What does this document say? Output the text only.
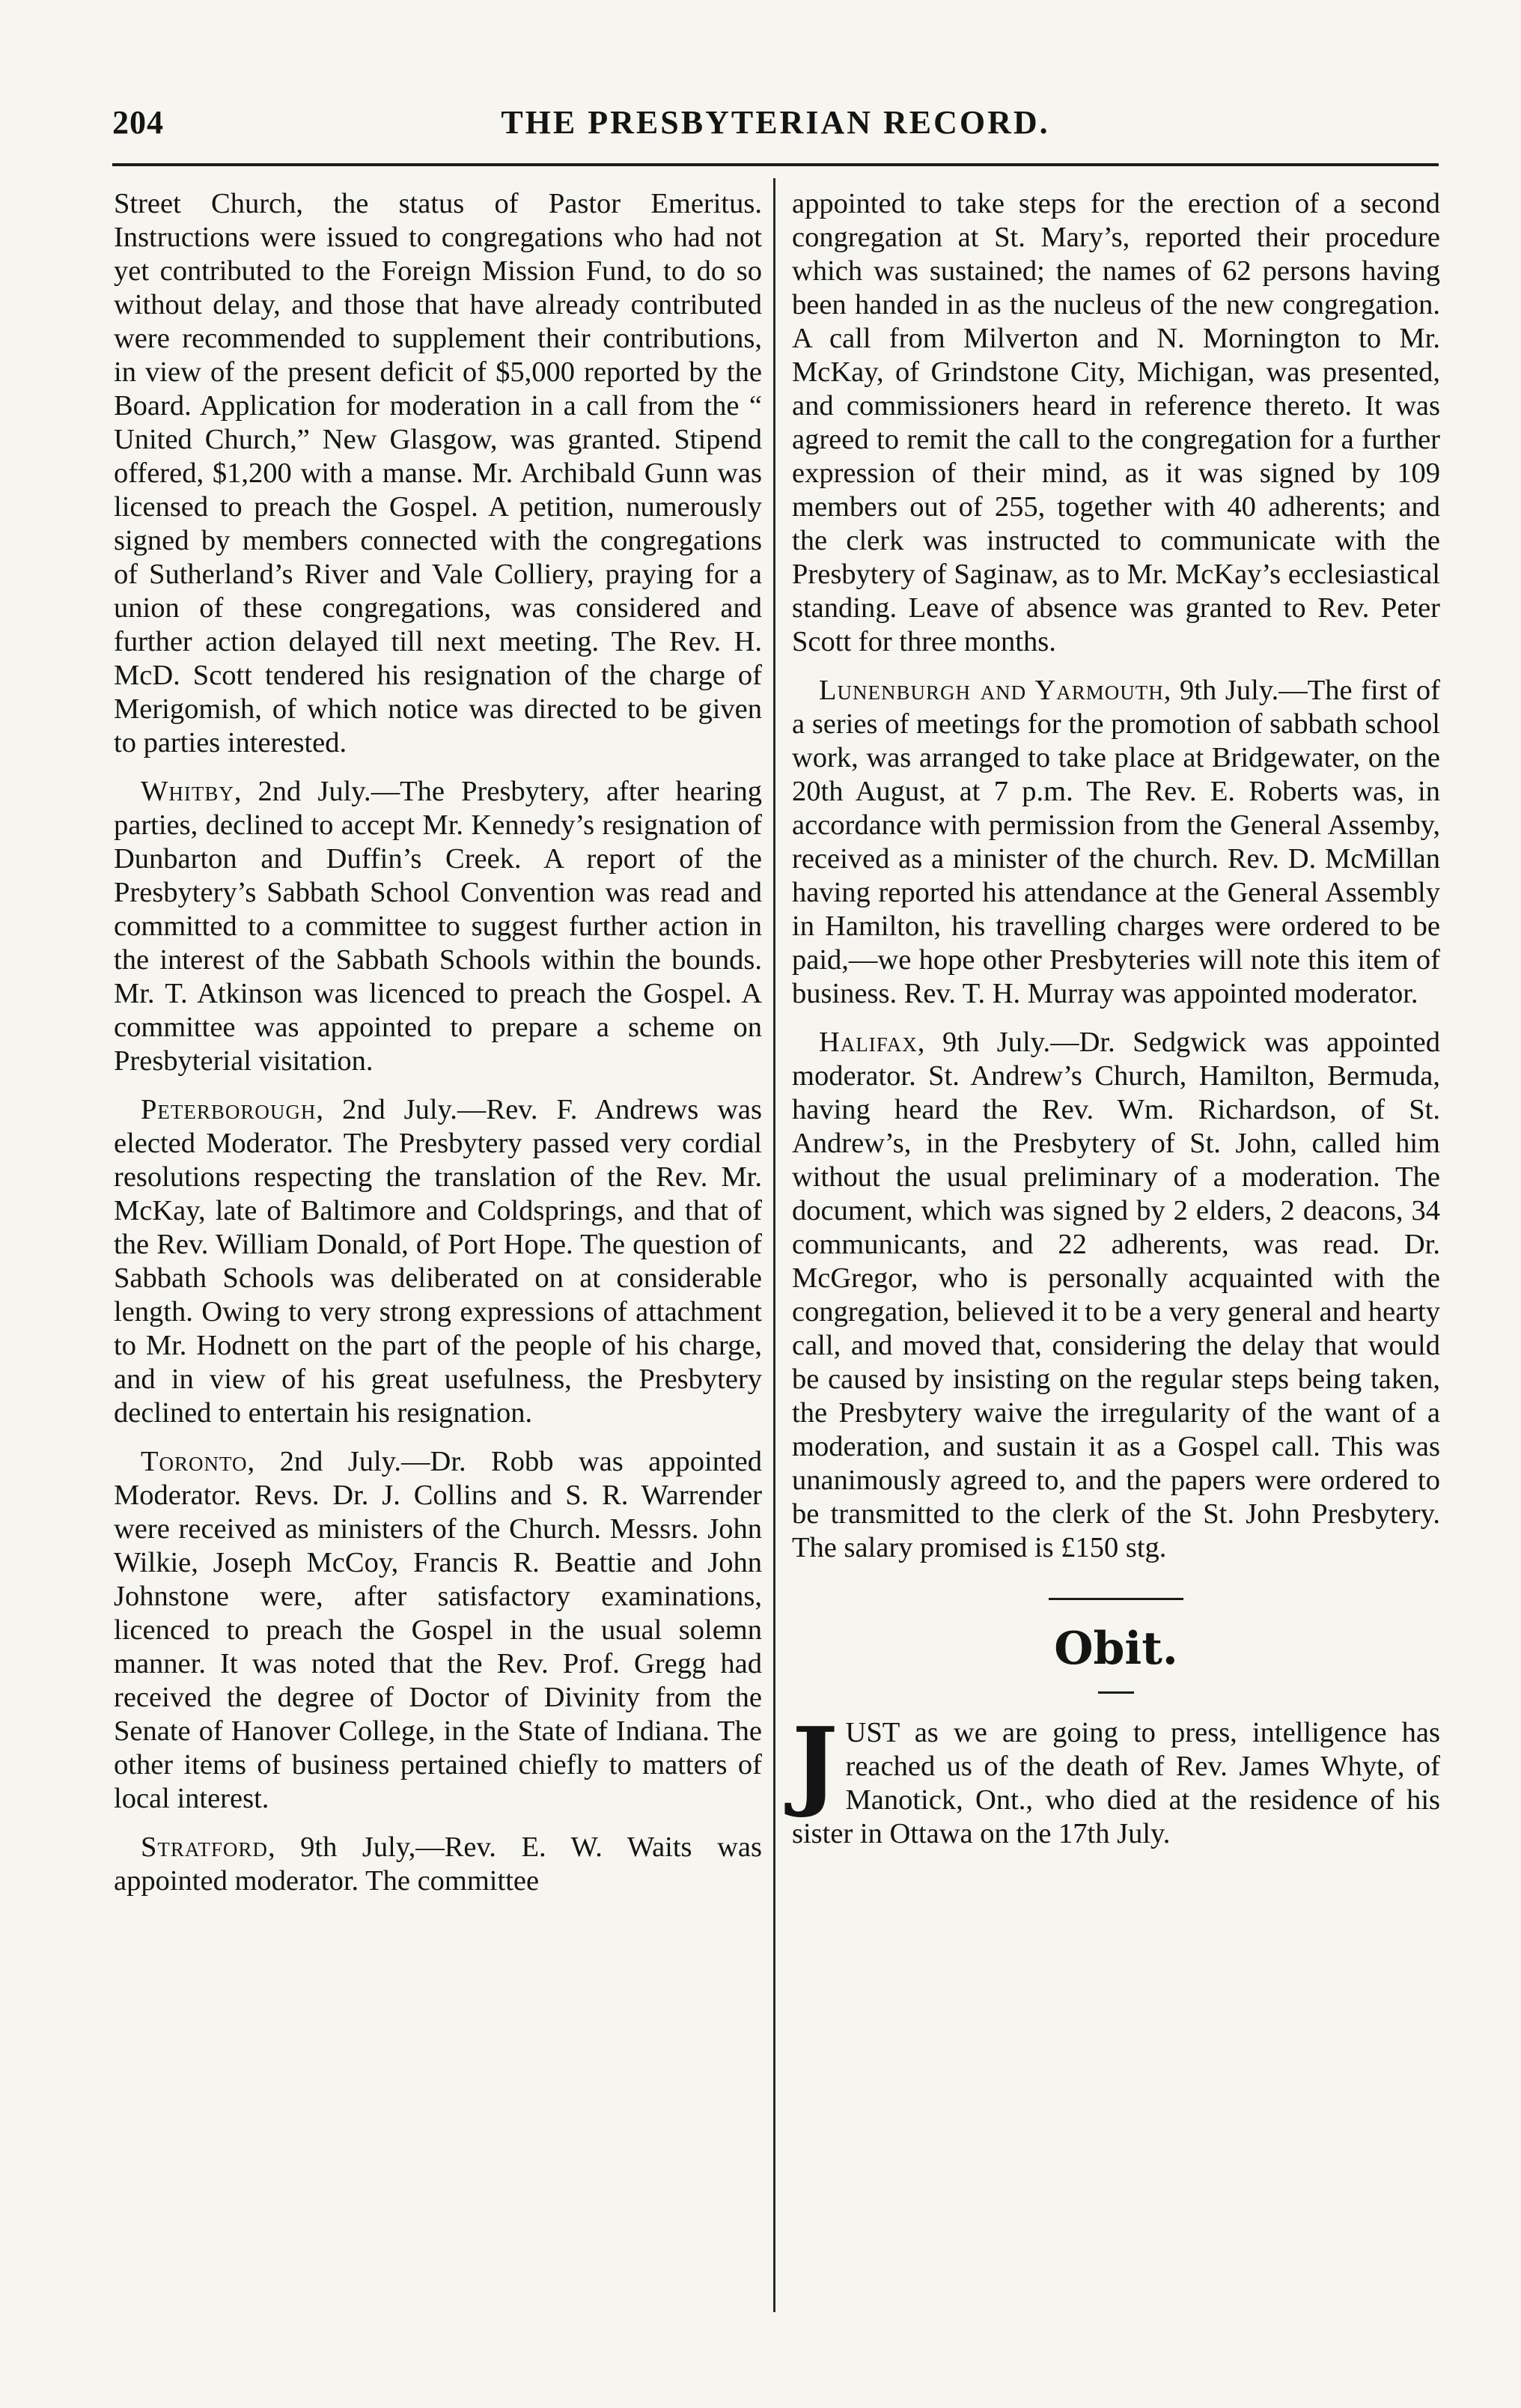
204	THE PRESBYTERIAN RECORD.

Street Church, the status of Pastor Emeritus. Instructions were issued to congregations who had not yet contributed to the Foreign Mission Fund, to do so without delay, and those that have already contributed were recommended to supplement their contributions, in view of the present deficit of $5,000 reported by the Board. Application for moderation in a call from the “ United Church,” New Glasgow, was granted. Stipend offered, $1,200 with a manse. Mr. Archibald Gunn was licensed to preach the Gospel. A petition, numerously signed by members connected with the congregations of Sutherland’s River and Vale Colliery, praying for a union of these congregations, was considered and further action delayed till next meeting. The Rev. H. McD. Scott tendered his resignation of the charge of Merigomish, of which notice was directed to be given to parties interested.

Whitby, 2nd July.—The Presbytery, after hearing parties, declined to accept Mr. Kennedy’s resignation of Dunbarton and Duffin’s Creek. A report of the Presbytery’s Sabbath School Convention was read and committed to a committee to suggest further action in the interest of the Sabbath Schools within the bounds. Mr. T. Atkinson was licenced to preach the Gospel. A committee was appointed to prepare a scheme on Presbyterial visitation.

Peterborough, 2nd July.—Rev. F. Andrews was elected Moderator. The Presbytery passed very cordial resolutions respecting the translation of the Rev. Mr. McKay, late of Baltimore and Coldsprings, and that of the Rev. William Donald, of Port Hope. The question of Sabbath Schools was deliberated on at considerable length. Owing to very strong expressions of attachment to Mr. Hodnett on the part of the people of his charge, and in view of his great usefulness, the Presbytery declined to entertain his resignation.

Toronto, 2nd July.—Dr. Robb was appointed Moderator. Revs. Dr. J. Collins and S. R. Warrender were received as ministers of the Church. Messrs. John Wilkie, Joseph McCoy, Francis R. Beattie and John Johnstone were, after satisfactory examinations, licenced to preach the Gospel in the usual solemn manner. It was noted that the Rev. Prof. Gregg had received the degree of Doctor of Divinity from the Senate of Hanover College, in the State of Indiana. The other items of business pertained chiefly to matters of local interest.

Stratford, 9th July,—Rev. E. W. Waits was appointed moderator. The committee

appointed to take steps for the erection of a second congregation at St. Mary’s, reported their procedure which was sustained; the names of 62 persons having been handed in as the nucleus of the new congregation. A call from Milverton and N. Mornington to Mr. McKay, of Grindstone City, Michigan, was presented, and commissioners heard in reference thereto. It was agreed to remit the call to the congregation for a further expression of their mind, as it was signed by 109 members out of 255, together with 40 adherents; and the clerk was instructed to communicate with the Presbytery of Saginaw, as to Mr. McKay’s ecclesiastical standing. Leave of absence was granted to Rev. Peter Scott for three months.

Lunenburgh and Yarmouth, 9th July.—The first of a series of meetings for the promotion of sabbath school work, was arranged to take place at Bridgewater, on the 20th August, at 7 p.m. The Rev. E. Roberts was, in accordance with permission from the General Assemby, received as a minister of the church. Rev. D. McMillan having reported his attendance at the General Assembly in Hamilton, his travelling charges were ordered to be paid,—we hope other Presbyteries will note this item of business. Rev. T. H. Murray was appointed moderator.

Halifax, 9th July.—Dr. Sedgwick was appointed moderator. St. Andrew’s Church, Hamilton, Bermuda, having heard the Rev. Wm. Richardson, of St. Andrew’s, in the Presbytery of St. John, called him without the usual preliminary of a moderation. The document, which was signed by 2 elders, 2 deacons, 34 communicants, and 22 adherents, was read. Dr. McGregor, who is personally acquainted with the congregation, believed it to be a very general and hearty call, and moved that, considering the delay that would be caused by insisting on the regular steps being taken, the Presbytery waive the irregularity of the want of a moderation, and sustain it as a Gospel call. This was unanimously agreed to, and the papers were ordered to be transmitted to the clerk of the St. John Presbytery. The salary promised is £150 stg.

Obit.

JUST as we are going to press, intelligence has reached us of the death of Rev. James Whyte, of Manotick, Ont., who died at the residence of his sister in Ottawa on the 17th July.
